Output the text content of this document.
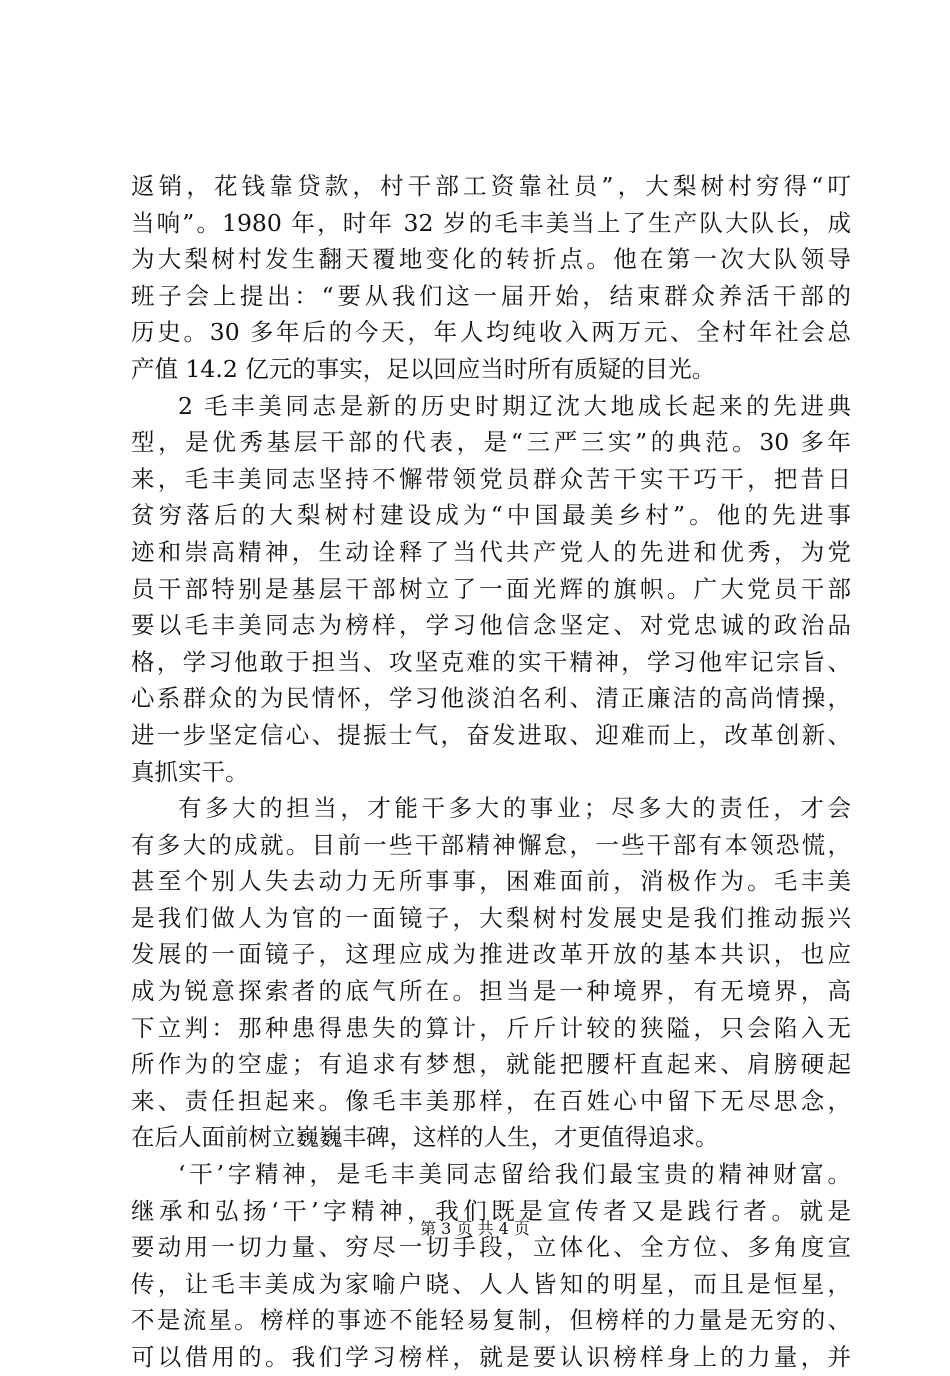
返销，花钱靠贷款，村干部工资靠社员”，大梨树村穷得“叮
当响”。1980 年，时年 32 岁的毛丰美当上了生产队大队长，成
为大梨树村发生翻天覆地变化的转折点。他在第一次大队领导
班子会上提出：“要从我们这一届开始，结束群众养活干部的
历史。30 多年后的今天，年人均纯收入两万元、全村年社会总
产值 14.2 亿元的事实，足以回应当时所有质疑的目光。
2 毛丰美同志是新的历史时期辽沈大地成长起来的先进典
型，是优秀基层干部的代表，是“三严三实”的典范。30 多年
来，毛丰美同志坚持不懈带领党员群众苦干实干巧干，把昔日
贫穷落后的大梨树村建设成为“中国最美乡村”。他的先进事
迹和崇高精神，生动诠释了当代共产党人的先进和优秀，为党
员干部特别是基层干部树立了一面光辉的旗帜。广大党员干部
要以毛丰美同志为榜样，学习他信念坚定、对党忠诚的政治品
格，学习他敢于担当、攻坚克难的实干精神，学习他牢记宗旨、
心系群众的为民情怀，学习他淡泊名利、清正廉洁的高尚情操，
进一步坚定信心、提振士气，奋发进取、迎难而上，改革创新、
真抓实干。
有多大的担当，才能干多大的事业；尽多大的责任，才会
有多大的成就。目前一些干部精神懈怠，一些干部有本领恐慌，
甚至个别人失去动力无所事事，困难面前，消极作为。毛丰美
是我们做人为官的一面镜子，大梨树村发展史是我们推动振兴
发展的一面镜子，这理应成为推进改革开放的基本共识，也应
成为锐意探索者的底气所在。担当是一种境界，有无境界，高
下立判：那种患得患失的算计，斤斤计较的狭隘，只会陷入无
所作为的空虚；有追求有梦想，就能把腰杆直起来、肩膀硬起
来、责任担起来。像毛丰美那样，在百姓心中留下无尽思念，
在后人面前树立巍巍丰碑，这样的人生，才更值得追求。
‘干’字精神，是毛丰美同志留给我们最宝贵的精神财富。
继承和弘扬‘干’字精神，我们既是宣传者又是践行者。就是
要动用一切力量、穷尽一切手段，立体化、全方位、多角度宣
传，让毛丰美成为家喻户晓、人人皆知的明星，而且是恒星，
不是流星。榜样的事迹不能轻易复制，但榜样的力量是无穷的、
可以借用的。我们学习榜样，就是要认识榜样身上的力量，并
第 3 页 共 4 页
